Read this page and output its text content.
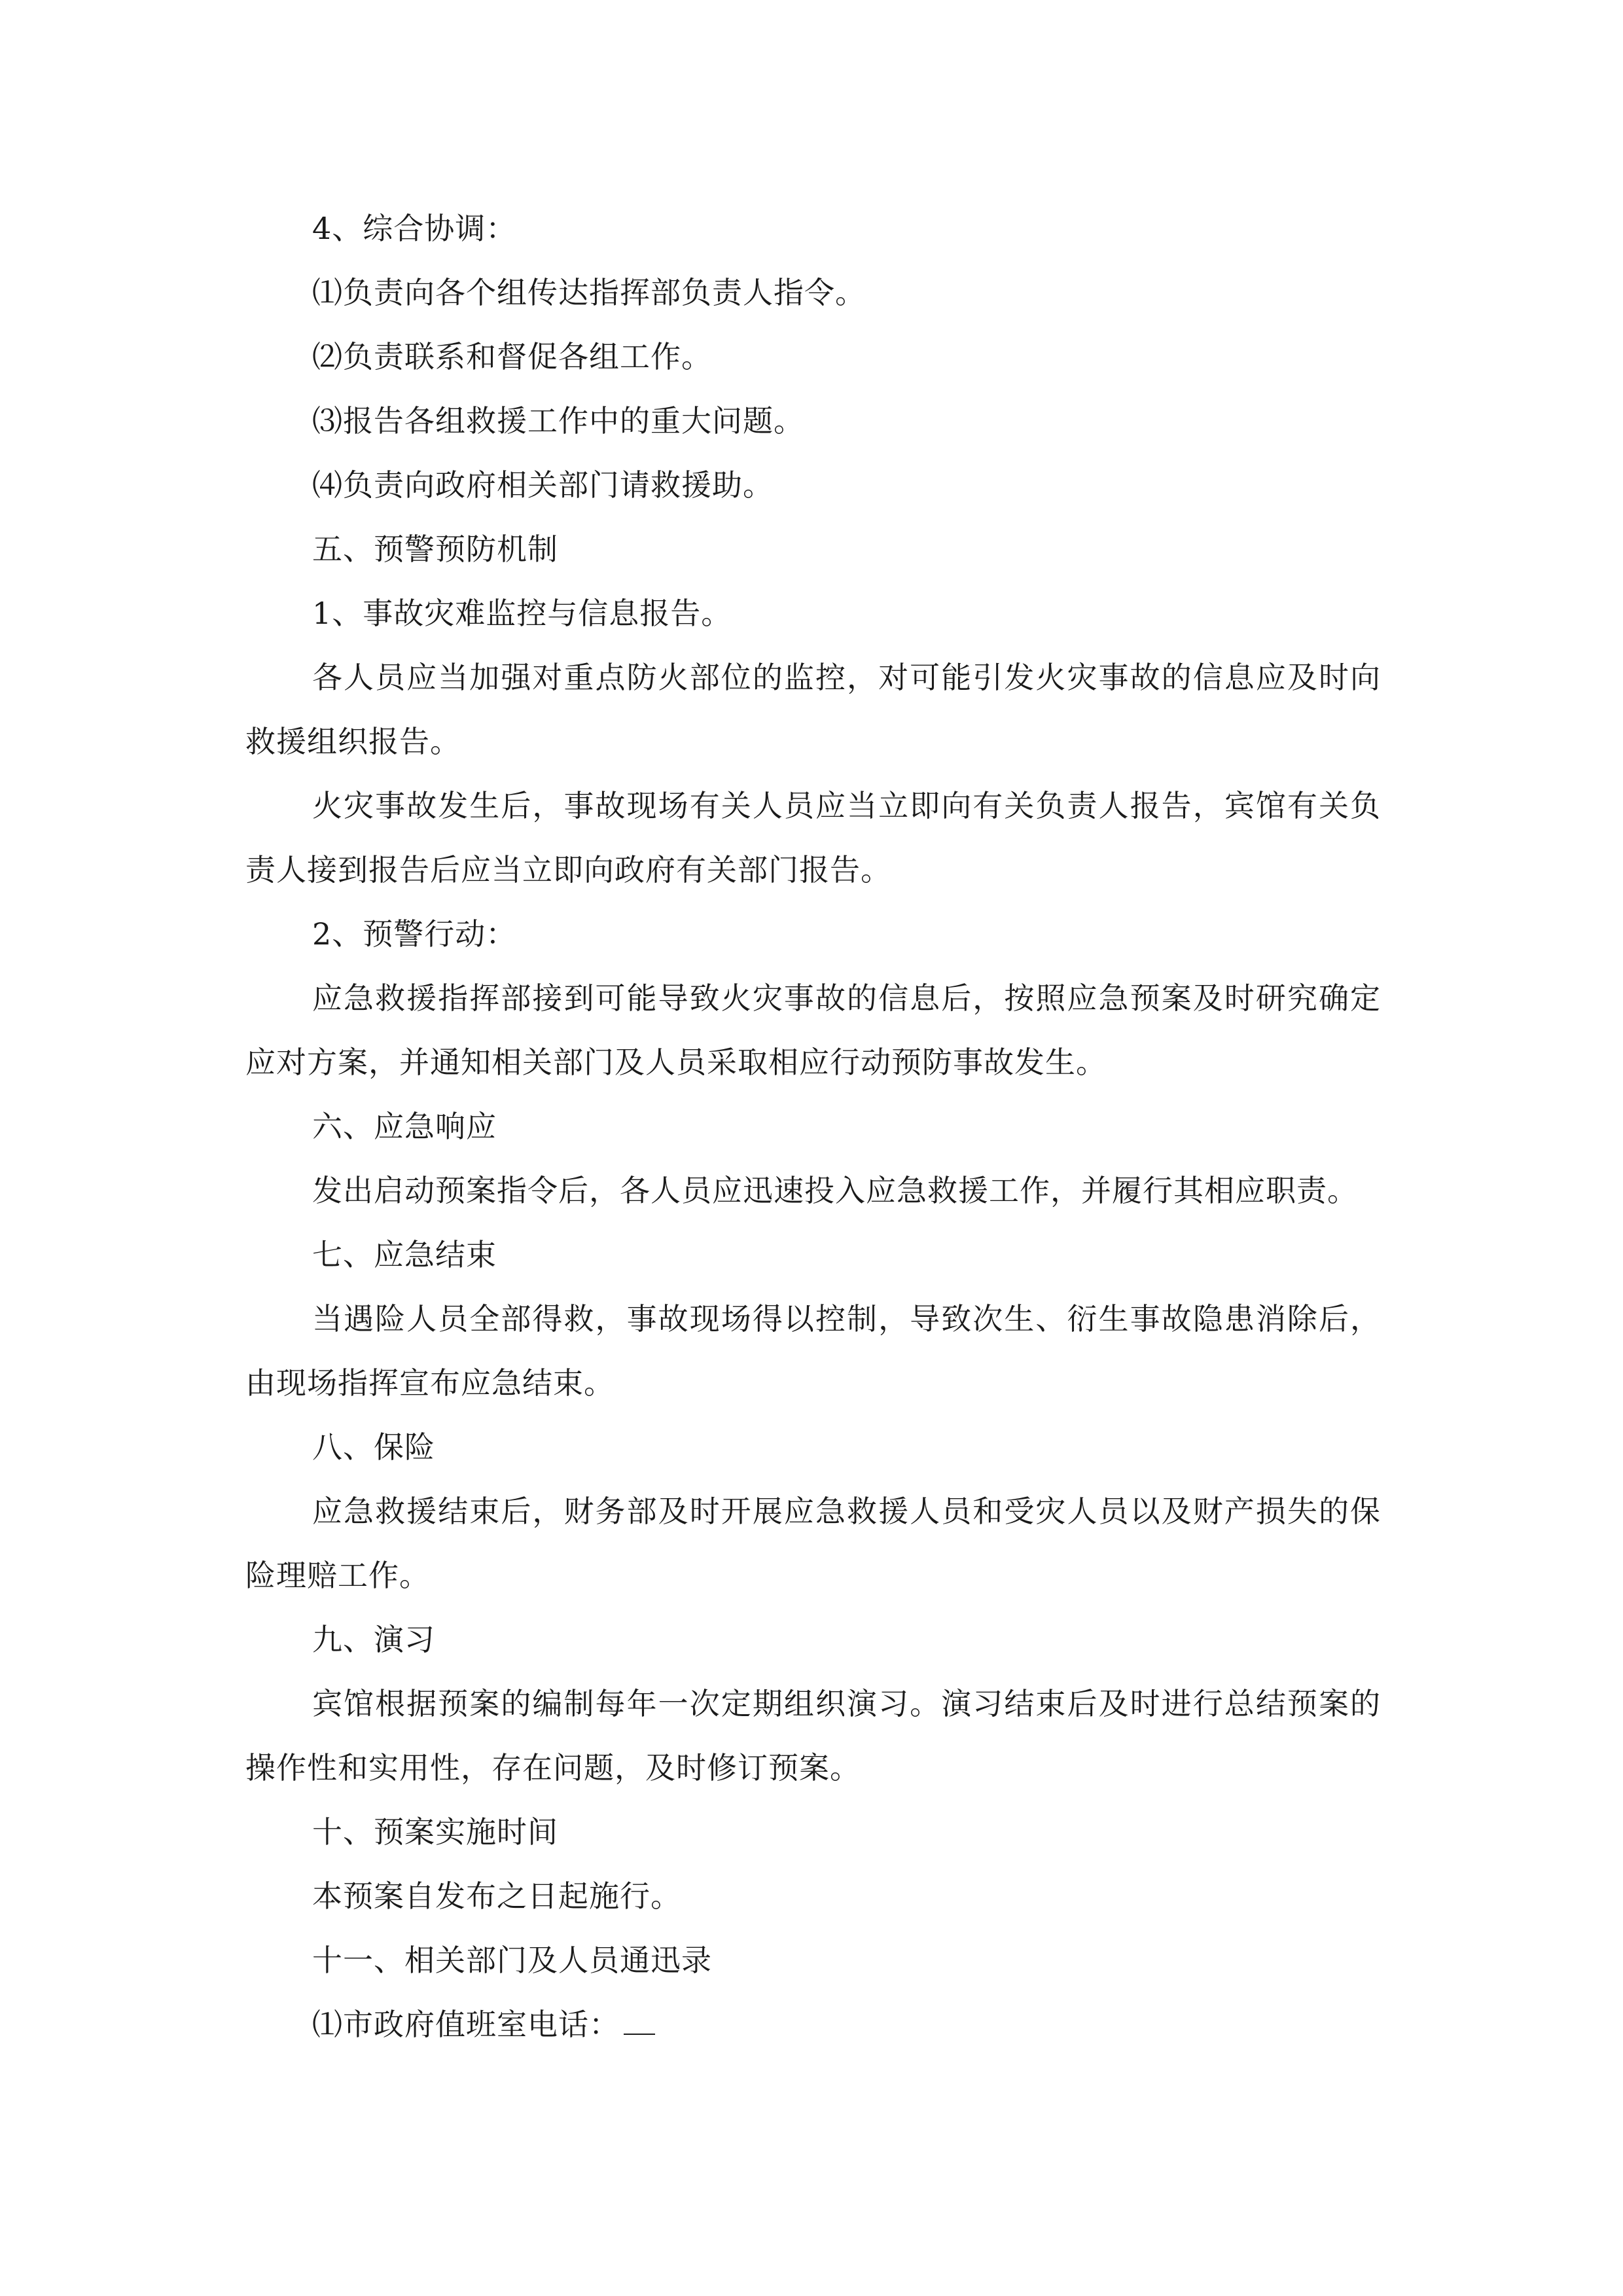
4、综合协调：

⑴负责向各个组传达指挥部负责人指令。

⑵负责联系和督促各组工作。

⑶报告各组救援工作中的重大问题。

⑷负责向政府相关部门请救援助。

五、预警预防机制

1、事故灾难监控与信息报告。

各人员应当加强对重点防火部位的监控，对可能引发火灾事故的信息应及时向救援组织报告。

火灾事故发生后，事故现场有关人员应当立即向有关负责人报告，宾馆有关负责人接到报告后应当立即向政府有关部门报告。

2、预警行动：

应急救援指挥部接到可能导致火灾事故的信息后，按照应急预案及时研究确定应对方案，并通知相关部门及人员采取相应行动预防事故发生。

六、应急响应

发出启动预案指令后，各人员应迅速投入应急救援工作，并履行其相应职责。

七、应急结束

当遇险人员全部得救，事故现场得以控制，导致次生、衍生事故隐患消除后，由现场指挥宣布应急结束。

八、保险

应急救援结束后，财务部及时开展应急救援人员和受灾人员以及财产损失的保险理赔工作。

九、演习

宾馆根据预案的编制每年一次定期组织演习。演习结束后及时进行总结预案的操作性和实用性，存在问题，及时修订预案。

十、预案实施时间

本预案自发布之日起施行。

十一、相关部门及人员通迅录

⑴市政府值班室电话：
